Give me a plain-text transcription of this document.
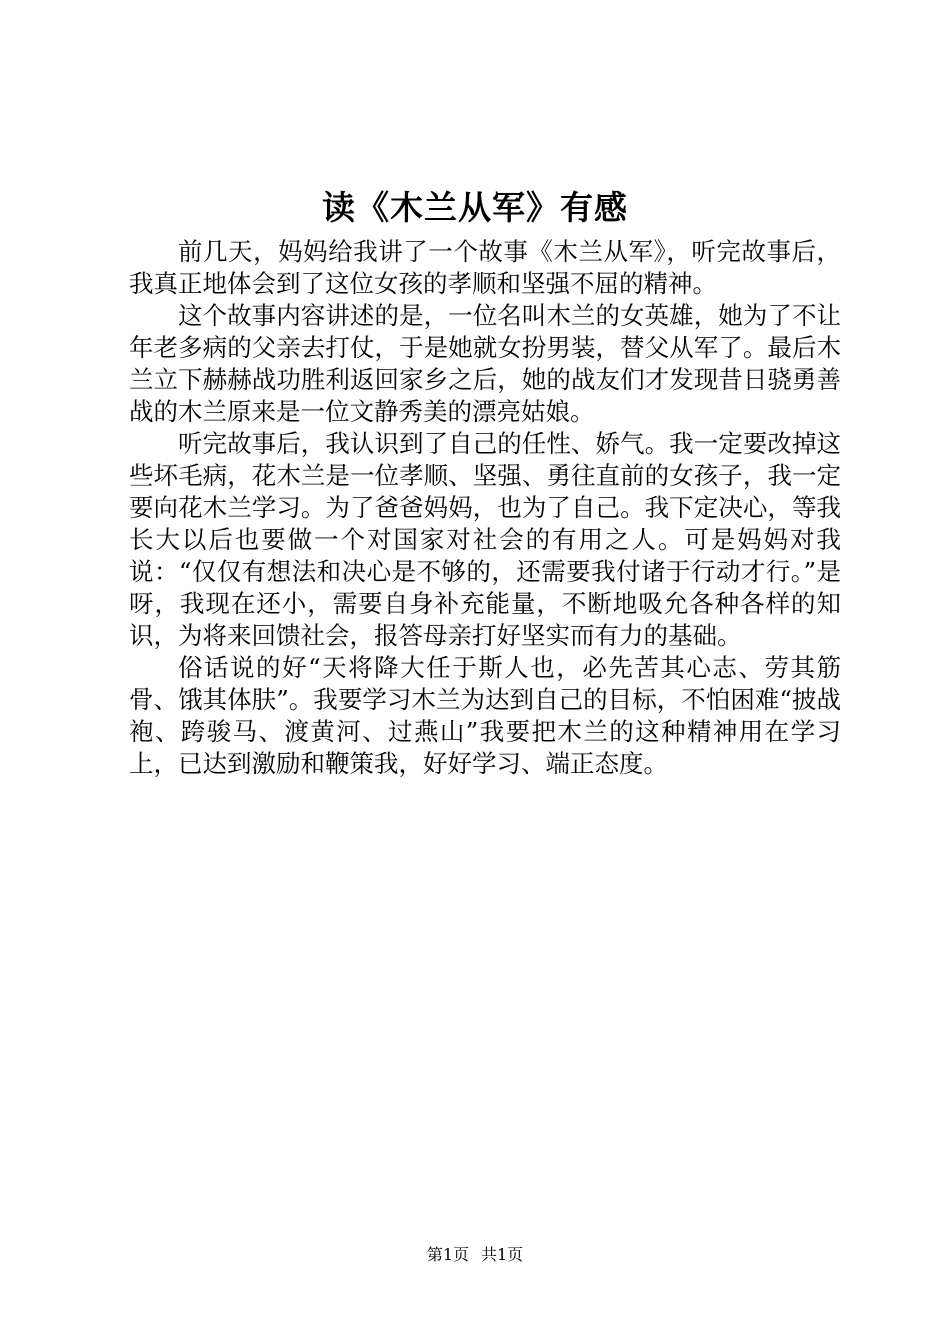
读《木兰从军》有感

前几天，妈妈给我讲了一个故事《木兰从军》，听完故事后，我真正地体会到了这位女孩的孝顺和坚强不屈的精神。

这个故事内容讲述的是，一位名叫木兰的女英雄，她为了不让年老多病的父亲去打仗，于是她就女扮男装，替父从军了。最后木兰立下赫赫战功胜利返回家乡之后，她的战友们才发现昔日骁勇善战的木兰原来是一位文静秀美的漂亮姑娘。

听完故事后，我认识到了自己的任性、娇气。我一定要改掉这些坏毛病，花木兰是一位孝顺、坚强、勇往直前的女孩子，我一定要向花木兰学习。为了爸爸妈妈，也为了自己。我下定决心，等我长大以后也要做一个对国家对社会的有用之人。可是妈妈对我说：“仅仅有想法和决心是不够的，还需要我付诸于行动才行。”是呀，我现在还小，需要自身补充能量，不断地吸允各种各样的知识，为将来回馈社会，报答母亲打好坚实而有力的基础。

俗话说的好“天将降大任于斯人也，必先苦其心志、劳其筋骨、饿其体肤”。我要学习木兰为达到自己的目标，不怕困难“披战袍、跨骏马、渡黄河、过燕山”我要把木兰的这种精神用在学习上，已达到激励和鞭策我，好好学习、端正态度。

第1页 共1页
